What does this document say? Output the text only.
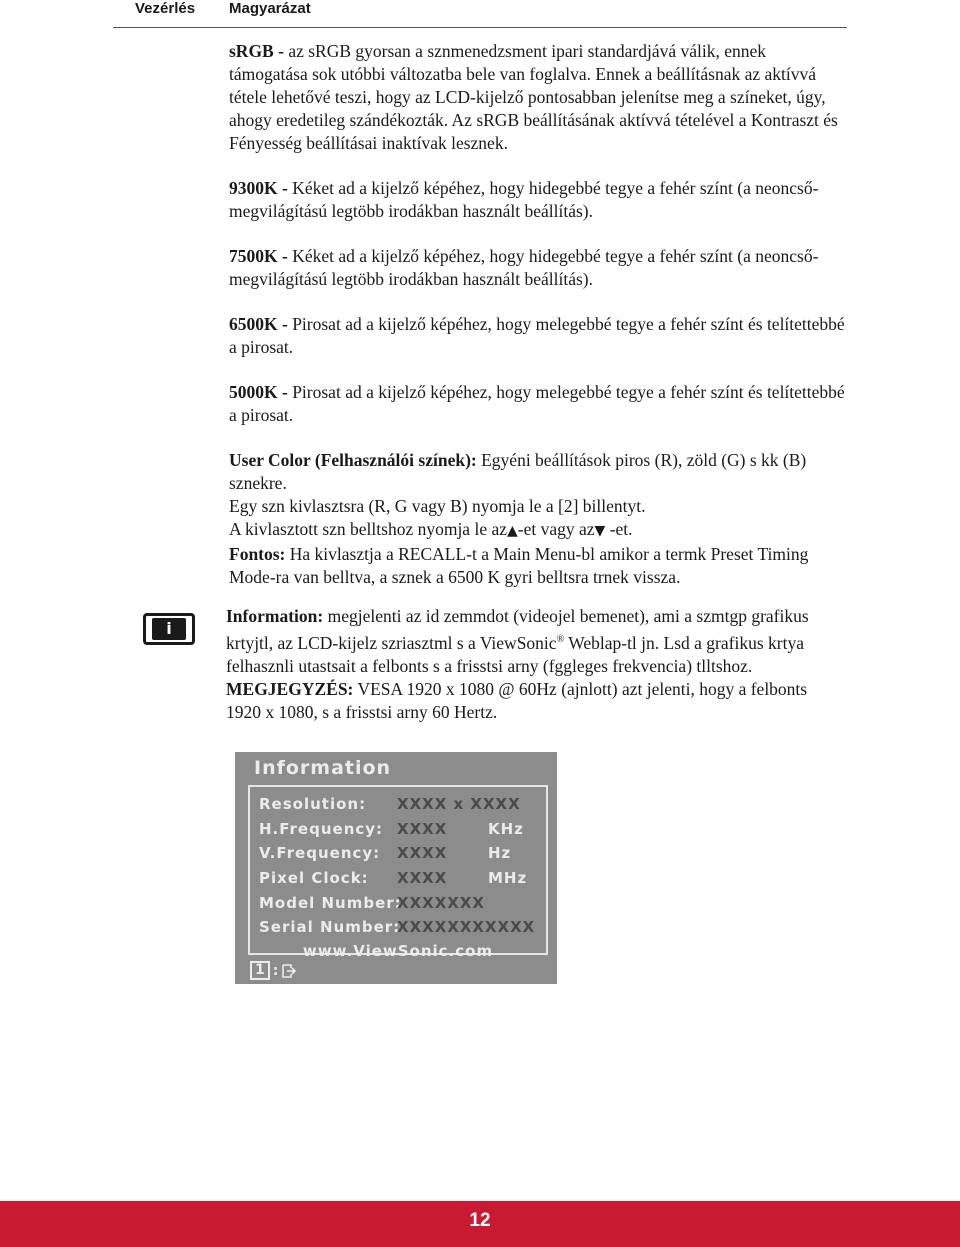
Vezérlés Magyarázat

sRGB - az sRGB gyorsan a sznmenedzsment ipari standardjává válik, ennek támogatása sok utóbbi változatba bele van foglalva. Ennek a beállításnak az aktívvá tétele lehetővé teszi, hogy az LCD-kijelző pontosabban jelenítse meg a színeket, úgy, ahogy eredetileg szándékozták. Az sRGB beállításának aktívvá tételével a Kontraszt és Fényesség beállításai inaktívak lesznek.

9300K - Kéket ad a kijelző képéhez, hogy hidegebbé tegye a fehér színt (a neoncső-megvilágítású legtöbb irodákban használt beállítás).

7500K - Kéket ad a kijelző képéhez, hogy hidegebbé tegye a fehér színt (a neoncső-megvilágítású legtöbb irodákban használt beállítás).

6500K - Pirosat ad a kijelző képéhez, hogy melegebbé tegye a fehér színt és telítettebbé a pirosat.

5000K - Pirosat ad a kijelző képéhez, hogy melegebbé tegye a fehér színt és telítettebbé a pirosat.

User Color (Felhasználói színek): Egyéni beállítások piros (R), zöld (G) s kk (B) sznekre.

Egy szn kivlasztsra (R, G vagy B) nyomja le a [2] billentyt.

A kivlasztott szn belltshoz nyomja le az▲-et vagy az▼ -et.

Fontos: Ha kivlasztja a RECALL-t a Main Menu-bl amikor a termk Preset Timing Mode-ra van belltva, a sznek a 6500 K gyri belltsra trnek vissza.

i

Information: megjelenti az id zemmdot (videojel bemenet), ami a szmtgp grafikus krtyjtl, az LCD-kijelz szriasztml s a ViewSonic® Weblap-tl jn. Lsd a grafikus krtya felhasznli utastsait a felbonts s a frisstsi arny (fggleges frekvencia) tlltshoz.

MEGJEGYZÉS: VESA 1920 x 1080 @ 60Hz (ajnlott) azt jelenti, hogy a felbonts 1920 x 1080, s a frisstsi arny 60 Hertz.

Information
Resolution: XXXX x XXXX
H.Frequency: XXXX	KHz
V.Frequency: XXXX	Hz
Pixel Clock: XXXX	MHz
Model Number:
XXXXXXX
Serial Number:
XXXXXXXXXXX
www.ViewSonic.com
1 :
12
